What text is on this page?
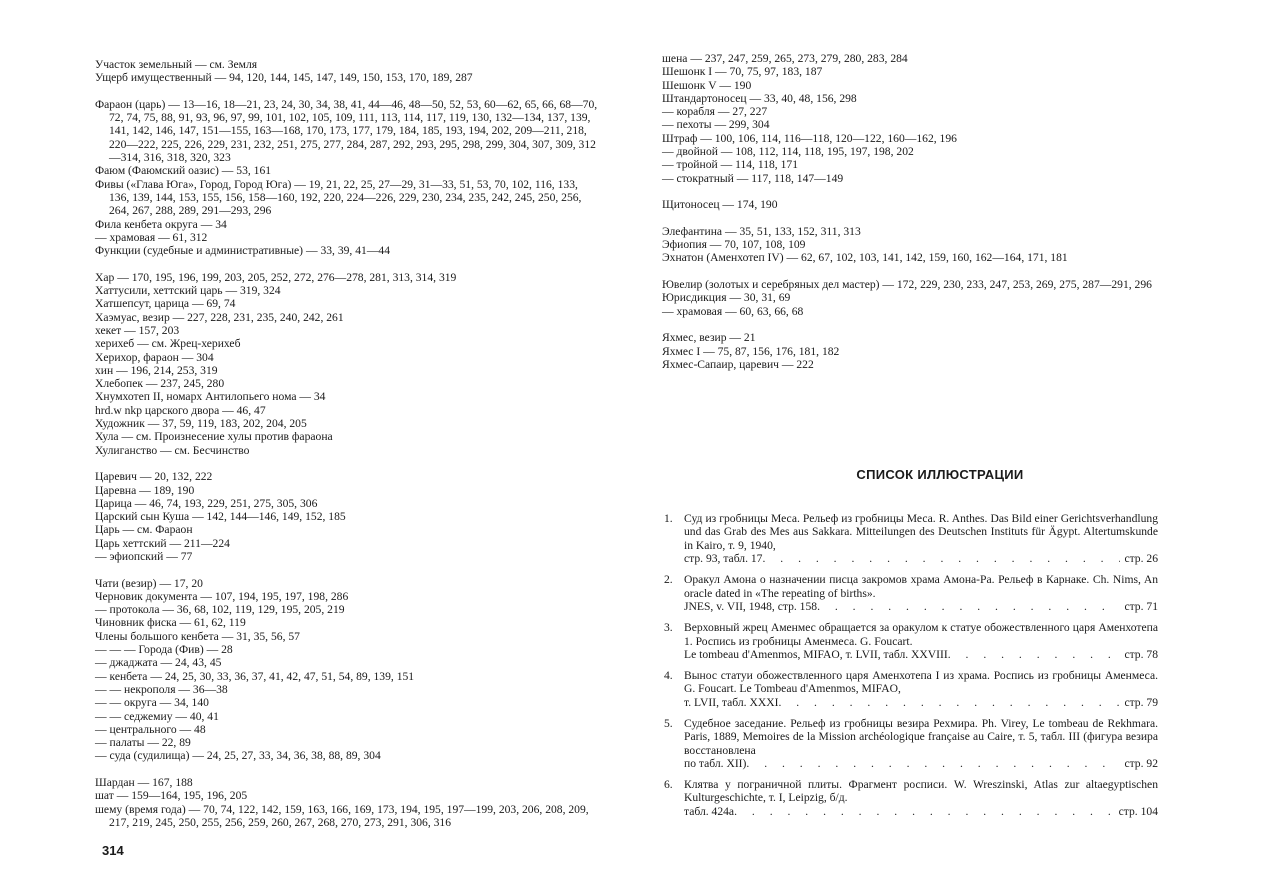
Участок земельный — см. Земля
Ущерб имущественный — 94, 120, 144, 145, 147, 149, 150, 153, 170, 189, 287
Фараон (царь) — 13—16, 18—21, 23, 24, 30, 34, 38, 41, 44—46, 48—50, 52, 53, 60—62, 65, 66, 68—70, 72, 74, 75, 88, 91, 93, 96, 97, 99, 101, 102, 105, 109, 111, 113, 114, 117, 119, 130, 132—134, 137, 139, 141, 142, 146, 147, 151—155, 163—168, 170, 173, 177, 179, 184, 185, 193, 194, 202, 209—211, 218, 220—222, 225, 226, 229, 231, 232, 251, 275, 277, 284, 287, 292, 293, 295, 298, 299, 304, 307, 309, 312—314, 316, 318, 320, 323
Фаюм (Фаюмский оазис) — 53, 161
Фивы («Глава Юга», Город, Город Юга) — 19, 21, 22, 25, 27—29, 31—33, 51, 53, 70, 102, 116, 133, 136, 139, 144, 153, 155, 156, 158—160, 192, 220, 224—226, 229, 230, 234, 235, 242, 245, 250, 256, 264, 267, 288, 289, 291—293, 296
Фила кенбета округа — 34
— храмовая — 61, 312
Функции (судебные и административные) — 33, 39, 41—44
Хар — 170, 195, 196, 199, 203, 205, 252, 272, 276—278, 281, 313, 314, 319
Хаттусили, хеттский царь — 319, 324
Хатшепсут, царица — 69, 74
Хаэмуас, везир — 227, 228, 231, 235, 240, 242, 261
хекет — 157, 203
херихеб — см. Жрец-херихеб
Херихор, фараон — 304
хин — 196, 214, 253, 319
Хлебопек — 237, 245, 280
Хнумхотеп II, номарх Антилопьего нома — 34
hrd.w nkp царского двора — 46, 47
Художник — 37, 59, 119, 183, 202, 204, 205
Хула — см. Произнесение хулы против фараона
Хулиганство — см. Бесчинство
Царевич — 20, 132, 222
Царевна — 189, 190
Царица — 46, 74, 193, 229, 251, 275, 305, 306
Царский сын Куша — 142, 144—146, 149, 152, 185
Царь — см. Фараон
Царь хеттский — 211—224
— эфиопский — 77
Чати (везир) — 17, 20
Черновик документа — 107, 194, 195, 197, 198, 286
— протокола — 36, 68, 102, 119, 129, 195, 205, 219
Чиновник фиска — 61, 62, 119
Члены большого кенбета — 31, 35, 56, 57
— — — Города (Фив) — 28
— джаджата — 24, 43, 45
— кенбета — 24, 25, 30, 33, 36, 37, 41, 42, 47, 51, 54, 89, 139, 151
— — некрополя — 36—38
— — округа — 34, 140
— — седжемиу — 40, 41
— центрального — 48
— палаты — 22, 89
— суда (судилища) — 24, 25, 27, 33, 34, 36, 38, 88, 89, 304
Шардан — 167, 188
шат — 159—164, 195, 196, 205
шему (время года) — 70, 74, 122, 142, 159, 163, 166, 169, 173, 194, 195, 197—199, 203, 206, 208, 209, 217, 219, 245, 250, 255, 256, 259, 260, 267, 268, 270, 273, 291, 306, 316
314
шена — 237, 247, 259, 265, 273, 279, 280, 283, 284
Шешонк I — 70, 75, 97, 183, 187
Шешонк V — 190
Штандартоносец — 33, 40, 48, 156, 298
— корабля — 27, 227
— пехоты — 299, 304
Штраф — 100, 106, 114, 116—118, 120—122, 160—162, 196
— двойной — 108, 112, 114, 118, 195, 197, 198, 202
— тройной — 114, 118, 171
— стократный — 117, 118, 147—149
Щитоносец — 174, 190
Элефантина — 35, 51, 133, 152, 311, 313
Эфиопия — 70, 107, 108, 109
Эхнатон (Аменхотеп IV) — 62, 67, 102, 103, 141, 142, 159, 160, 162—164, 171, 181
Ювелир (золотых и серебряных дел мастер) — 172, 229, 230, 233, 247, 253, 269, 275, 287—291, 296
Юрисдикция — 30, 31, 69
— храмовая — 60, 63, 66, 68
Яхмес, везир — 21
Яхмес I — 75, 87, 156, 176, 181, 182
Яхмес-Сапаир, царевич — 222
СПИСОК ИЛЛЮСТРАЦИИ
1. Суд из гробницы Меса. Рельеф из гробницы Меса. R. Anthes. Das Bild einer Gerichtsverhandlung und das Grab des Mes aus Sakkara. Mitteilungen des Deutschen Instituts für Ägypt. Altertumskunde in Kairo, т. 9, 1940,
стр. 93, табл. 17 . . .	стр. 26
2. Оракул Амона о назначении писца закромов храма Амона-Ра. Рельеф в Карнаке. Ch. Nims, An oracle dated in «The repeating of births».
JNES, v. VII, 1948, стр. 158 . . .	стр. 71
3. Верховный жрец Аменмес обращается за оракулом к статуе обожествленного царя Аменхотепа 1. Роспись из гробницы Аменмеса. G. Foucart.
Le tombeau d'Amenmos, MIFAO, т. LVII, табл. XXVIII . . .	стр. 78
4. Вынос статуи обожествленного царя Аменхотепа I из храма. Роспись из гробницы Аменмеса. G. Foucart. Le Tombeau d'Amenmos, MIFAO,
т. LVII, табл. XXXI . . .	стр. 79
5. Судебное заседание. Рельеф из гробницы везира Рехмира. Ph. Virey, Le tombeau de Rekhmara. Paris, 1889, Memoires de la Mission archéologique française au Caire, т. 5, табл. III (фигура везира восстановлена
по табл. XII) . . .	стр. 92
6. Клятва у пограничной плиты. Фрагмент росписи. W. Wreszinski, Atlas zur altaegyptischen Kulturgeschichte, т. I, Leipzig, б/д.
табл. 424a . . .	стр. 104
